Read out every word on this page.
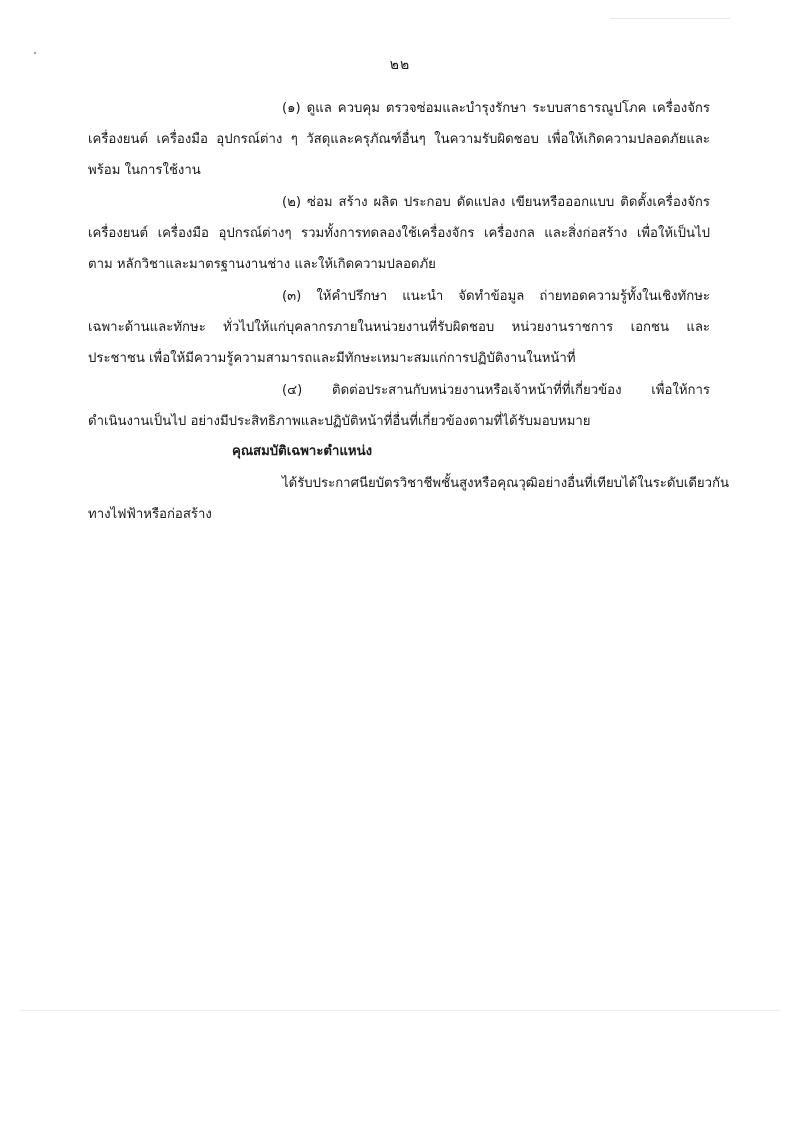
๒๒
(๑) ดูแล ควบคุม ตรวจซ่อมและบำรุงรักษา ระบบสาธารณูปโภค เครื่องจักร
เครื่องยนต์ เครื่องมือ อุปกรณ์ต่าง ๆ วัสดุและครุภัณฑ์อื่นๆ ในความรับผิดชอบ เพื่อให้เกิดความปลอดภัยและ
พร้อม ในการใช้งาน
(๒) ซ่อม สร้าง ผลิต ประกอบ ดัดแปลง เขียนหรือออกแบบ ติดตั้งเครื่องจักร
เครื่องยนต์ เครื่องมือ อุปกรณ์ต่างๆ รวมทั้งการทดลองใช้เครื่องจักร เครื่องกล และสิ่งก่อสร้าง เพื่อให้เป็นไป
ตาม หลักวิชาและมาตรฐานงานช่าง และให้เกิดความปลอดภัย
(๓) ให้คำปรึกษา แนะนำ จัดทำข้อมูล ถ่ายทอดความรู้ทั้งในเชิงทักษะ
เฉพาะด้านและทักษะ ทั่วไปให้แก่บุคลากรภายในหน่วยงานที่รับผิดชอบ หน่วยงานราชการ เอกชน และ
ประชาชน เพื่อให้มีความรู้ความสามารถและมีทักษะเหมาะสมแก่การปฏิบัติงานในหน้าที่
(๔) ติดต่อประสานกับหน่วยงานหรือเจ้าหน้าที่ที่เกี่ยวข้อง เพื่อให้การ
ดำเนินงานเป็นไป อย่างมีประสิทธิภาพและปฏิบัติหน้าที่อื่นที่เกี่ยวข้องตามที่ได้รับมอบหมาย
คุณสมบัติเฉพาะตำแหน่ง
ได้รับประกาศนียบัตรวิชาชีพชั้นสูงหรือคุณวุฒิอย่างอื่นที่เทียบได้ในระดับเดียวกัน
ทางไฟฟ้าหรือก่อสร้าง
